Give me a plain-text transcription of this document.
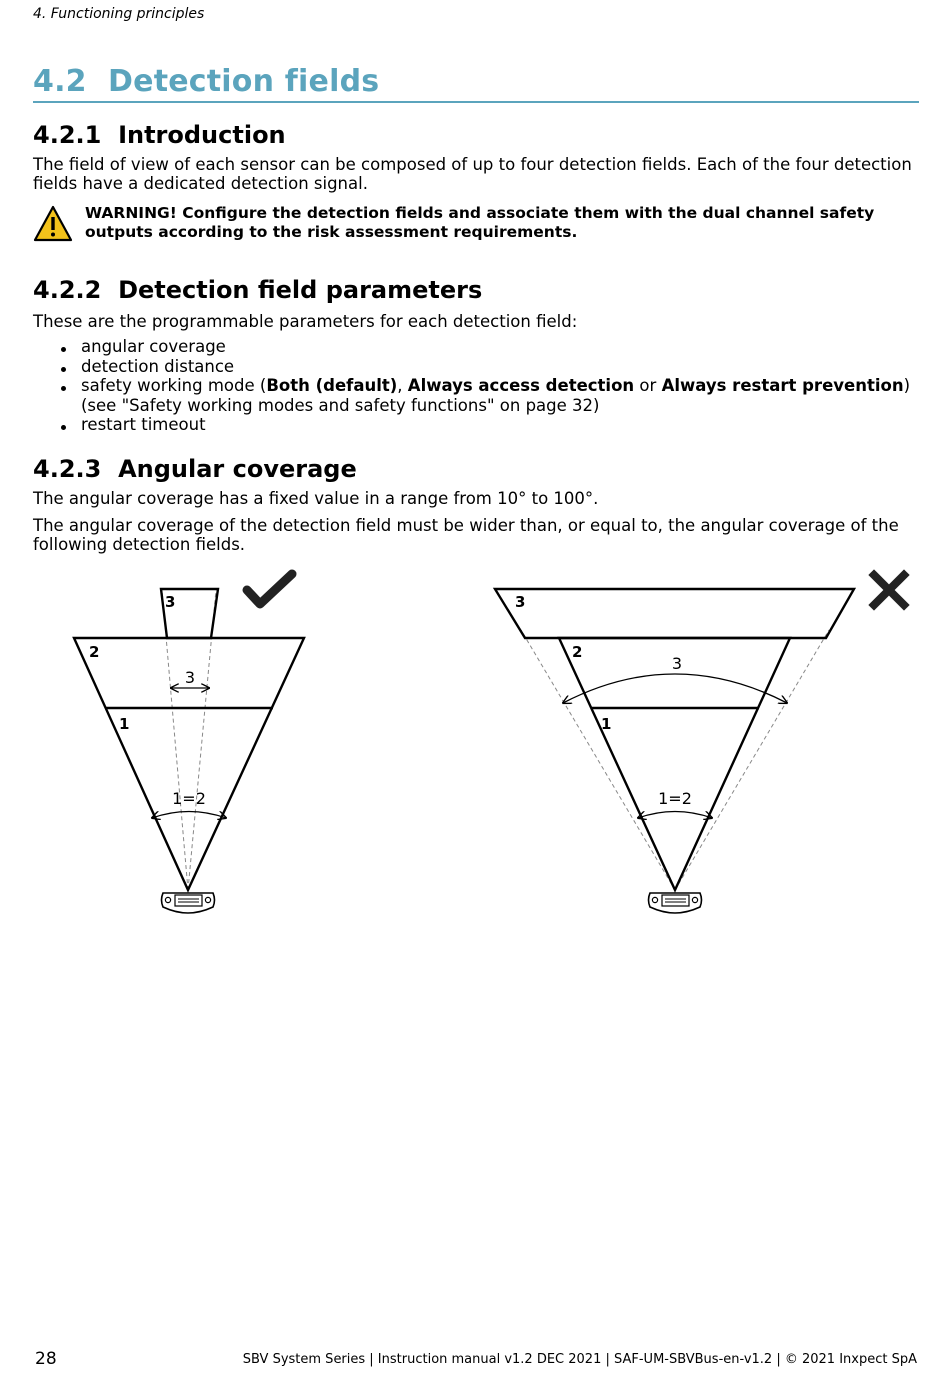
4. Functioning principles
4.2 Detection fields
4.2.1 Introduction
The field of view of each sensor can be composed of up to four detection fields. Each of the four detection fields have a dedicated detection signal.
WARNING! Configure the detection fields and associate them with the dual channel safety outputs according to the risk assessment requirements.
4.2.2 Detection field parameters
These are the programmable parameters for each detection field:
angular coverage
detection distance
safety working mode (Both (default), Always access detection or Always restart prevention) (see "Safety working modes and safety functions" on page 32)
restart timeout
4.2.3 Angular coverage
The angular coverage has a fixed value in a range from 10° to 100°.
The angular coverage of the detection field must be wider than, or equal to, the angular coverage of the following detection fields.
3
2
1
3
1=2
3
2
1
3
1=2
28	SBV System Series | Instruction manual v1.2 DEC 2021 | SAF-UM-SBVBus-en-v1.2 | © 2021 Inxpect SpA
